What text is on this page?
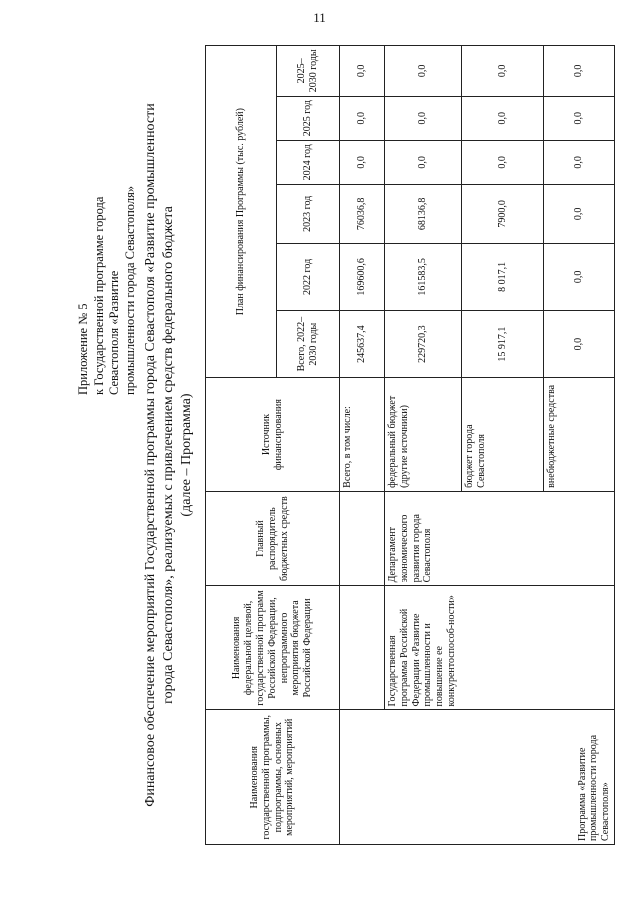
11
Приложение № 5 к Государственной программе города Севастополя «Развитие промышленности города Севастополя» Финансовое обеспечение мероприятий Государственной программы города Севастополя «Развитие промышленности города Севастополя», реализуемых с привлечением средств федерального бюджета (далее – Программа)
Наименования государственной программы, подпрограммы, основных мероприятий, мероприятий	Наименования федеральной целевой, государственной программ Российской Федерации, непрограммного мероприятия бюджета Российской Федерации	Главный распорядитель бюджетных средств	Источник финансирования	План финансирования Программы (тыс. рублей)					
				Всего, 2022–2030 годы	2022 год	2023 год	2024 год	2025 год	2025–2030 годы
Программа «Развитие промышленности города Севастополя»			Всего, в том числе:	245637,4	169600,6	76036,8	0,0	0,0	0,0
	Государственная программа Российской Федерации «Развитие промышленности и повышение ее конкурентоспособ-ности»	Департамент экономического развития города Севастополя	федеральный бюджет (другие источники)	229720,3	161583,5	68136,8	0,0	0,0	0,0
			бюджет города Севастополя	15 917,1	8 017,1	7900,0	0,0	0,0	0,0
			внебюджетные средства	0,0	0,0	0,0	0,0	0,0	0,0
